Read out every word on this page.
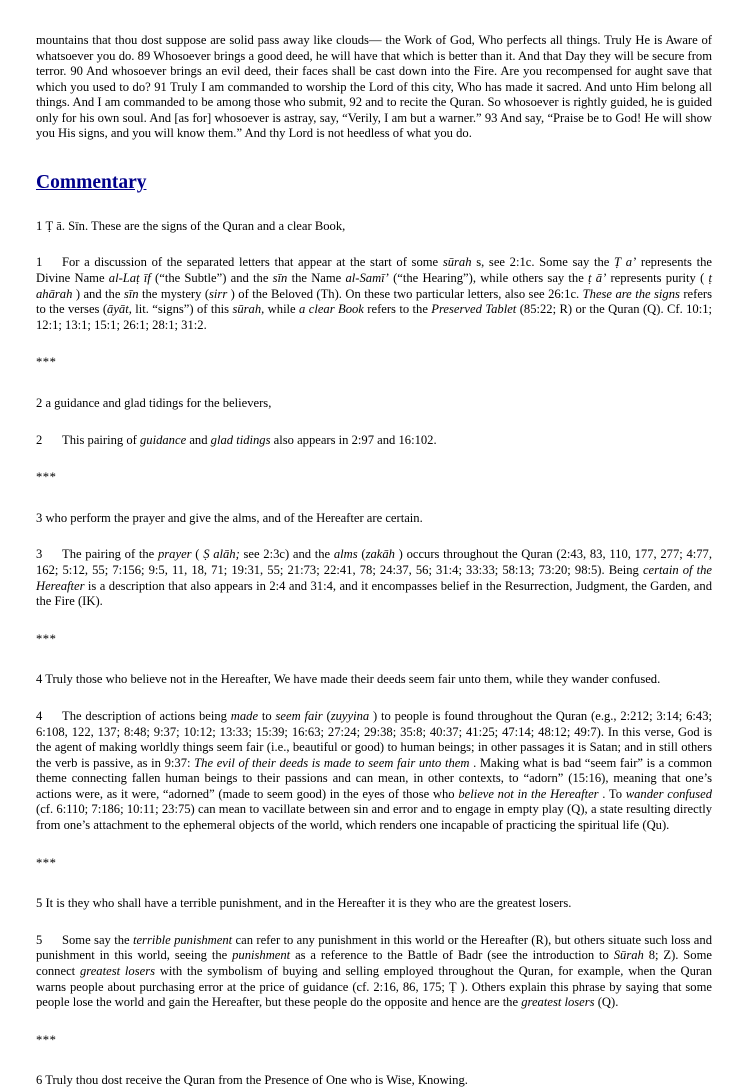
mountains that thou dost suppose are solid pass away like clouds— the Work of God, Who perfects all things. Truly He is Aware of whatsoever you do. 89 Whosoever brings a good deed, he will have that which is better than it. And that Day they will be secure from terror. 90 And whosoever brings an evil deed, their faces shall be cast down into the Fire. Are you recompensed for aught save that which you used to do? 91 Truly I am commanded to worship the Lord of this city, Who has made it sacred. And unto Him belong all things. And I am commanded to be among those who submit, 92 and to recite the Quran. So whosoever is rightly guided, he is guided only for his own soul. And [as for] whosoever is astray, say, “Verily, I am but a warner.” 93 And say, “Praise be to God! He will show you His signs, and you will know them.” And thy Lord is not heedless of what you do.

Commentary

1 Ṭ ā. Sīn. These are the signs of the Quran and a clear Book,

1 For a discussion of the separated letters that appear at the start of some sūrah s, see 2:1c. Some say the Ṭ a’ represents the Divine Name al-Laṭ īf (“the Subtle”) and the sīn the Name al-Samī’ (“the Hearing”), while others say the ṭ ā’ represents purity ( ṭ ahārah ) and the sīn the mystery (sirr ) of the Beloved (Th). On these two particular letters, also see 26:1c. These are the signs refers to the verses (āyāt, lit. “signs”) of this sūrah, while a clear Book refers to the Preserved Tablet (85:22; R) or the Quran (Q). Cf. 10:1; 12:1; 13:1; 15:1; 26:1; 28:1; 31:2.

***

2 a guidance and glad tidings for the believers,

2 This pairing of guidance and glad tidings also appears in 2:97 and 16:102.

***

3 who perform the prayer and give the alms, and of the Hereafter are certain.

3 The pairing of the prayer ( Ṣ alāh; see 2:3c) and the alms (zakāh ) occurs throughout the Quran (2:43, 83, 110, 177, 277; 4:77, 162; 5:12, 55; 7:156; 9:5, 11, 18, 71; 19:31, 55; 21:73; 22:41, 78; 24:37, 56; 31:4; 33:33; 58:13; 73:20; 98:5). Being certain of the Hereafter is a description that also appears in 2:4 and 31:4, and it encompasses belief in the Resurrection, Judgment, the Garden, and the Fire (IK).

***

4 Truly those who believe not in the Hereafter, We have made their deeds seem fair unto them, while they wander confused.

4 The description of actions being made to seem fair (zuyyina ) to people is found throughout the Quran (e.g., 2:212; 3:14; 6:43; 6:108, 122, 137; 8:48; 9:37; 10:12; 13:33; 15:39; 16:63; 27:24; 29:38; 35:8; 40:37; 41:25; 47:14; 48:12; 49:7). In this verse, God is the agent of making worldly things seem fair (i.e., beautiful or good) to human beings; in other passages it is Satan; and in still others the verb is passive, as in 9:37: The evil of their deeds is made to seem fair unto them . Making what is bad “seem fair” is a common theme connecting fallen human beings to their passions and can mean, in other contexts, to “adorn” (15:16), meaning that one’s actions were, as it were, “adorned” (made to seem good) in the eyes of those who believe not in the Hereafter . To wander confused (cf. 6:110; 7:186; 10:11; 23:75) can mean to vacillate between sin and error and to engage in empty play (Q), a state resulting directly from one’s attachment to the ephemeral objects of the world, which renders one incapable of practicing the spiritual life (Qu).

***

5 It is they who shall have a terrible punishment, and in the Hereafter it is they who are the greatest losers.

5 Some say the terrible punishment can refer to any punishment in this world or the Hereafter (R), but others situate such loss and punishment in this world, seeing the punishment as a reference to the Battle of Badr (see the introduction to Sūrah 8; Z). Some connect greatest losers with the symbolism of buying and selling employed throughout the Quran, for example, when the Quran warns people about purchasing error at the price of guidance (cf. 2:16, 86, 175; Ṭ ). Others explain this phrase by saying that some people lose the world and gain the Hereafter, but these people do the opposite and hence are the greatest losers (Q).

***

6 Truly thou dost receive the Quran from the Presence of One who is Wise, Knowing.
